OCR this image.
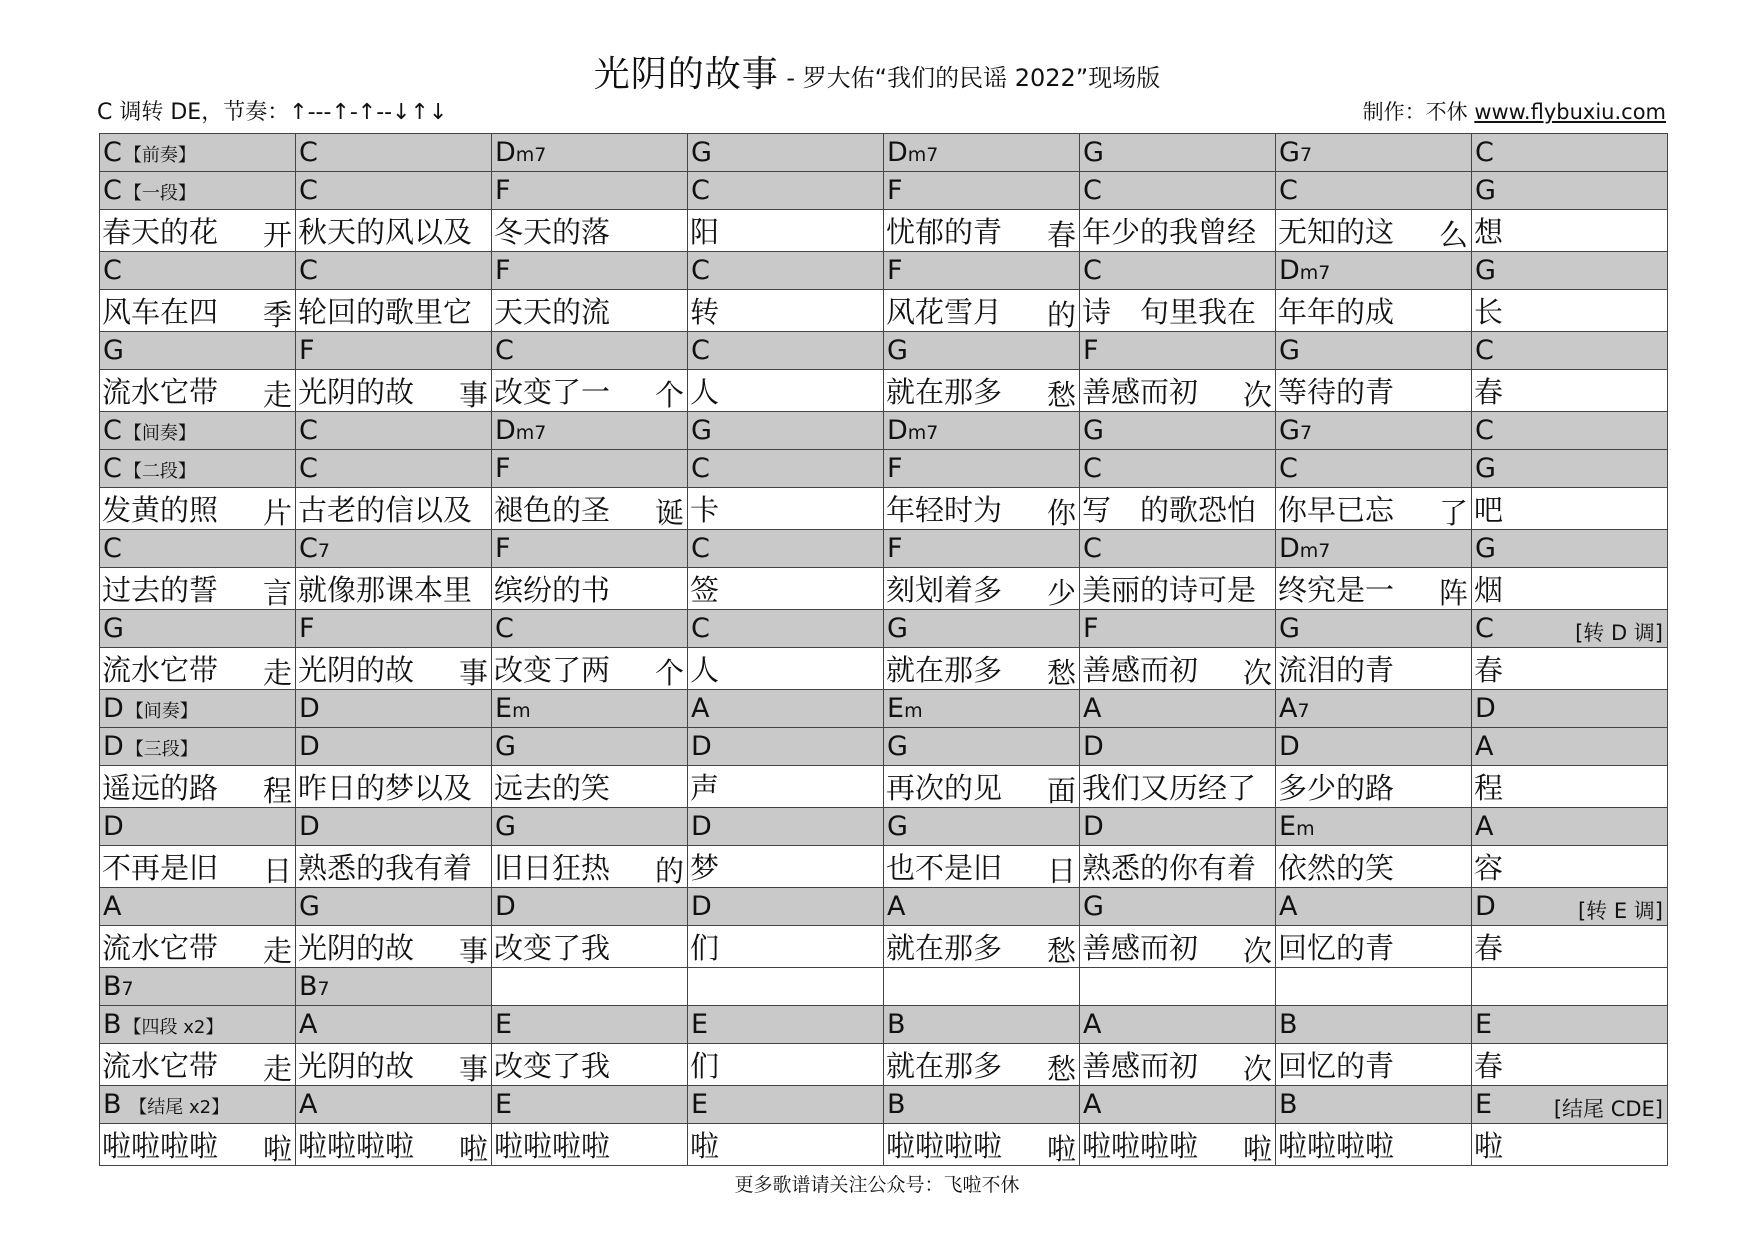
光阴的故事 - 罗大佑“我们的民谣 2022”现场版
C 调转 DE，节奏：↑---↑-↑--↓↑↓	制作：不休 www.flybuxiu.com
C 【前奏】	C	Dm7	G	Dm7	G	G7	C
C 【一段】	C	F	C	F	C	C	G
春天的花 开	秋天的风以及	冬天的落	阳	忧郁的青 春	年少的我曾经	无知的这 么	想
C	C	F	C	F	C	Dm7	G
风车在四 季	轮回的歌里它	天天的流	转	风花雪月 的	诗　句里我在	年年的成	长
G	F	C	C	G	F	G	C
流水它带 走	光阴的故 事	改变了一 个	人	就在那多 愁	善感而初 次	等待的青	春
C 【间奏】	C	Dm7	G	Dm7	G	G7	C
C 【二段】	C	F	C	F	C	C	G
发黄的照 片	古老的信以及	褪色的圣 诞	卡	年轻时为 你	写　的歌恐怕	你早已忘 了	吧
C	C7	F	C	F	C	Dm7	G
过去的誓 言	就像那课本里	缤纷的书	签	刻划着多 少	美丽的诗可是	终究是一 阵	烟
G	F	C	C	G	F	G	C [转 D 调]

流水它带 走	光阴的故 事	改变了两 个	人	就在那多 愁	善感而初 次	流泪的青	春
D 【间奏】	D	Em	A	Em	A	A7	D
D 【三段】	D	G	D	G	D	D	A
遥远的路 程	昨日的梦以及	远去的笑	声	再次的见 面	我们又历经了	多少的路	程
D	D	G	D	G	D	Em	A
不再是旧 日	熟悉的我有着	旧日狂热 的	梦	也不是旧 日	熟悉的你有着	依然的笑	容
A	G	D	D	A	G	A	D [转 E 调]

流水它带 走	光阴的故 事	改变了我	们	就在那多 愁	善感而初 次	回忆的青	春
B7	B7						
B 【四段 x2】	A	E	E	B	A	B	E
流水它带 走	光阴的故 事	改变了我	们	就在那多 愁	善感而初 次	回忆的青	春
B 【结尾 x2】	A	E	E	B	A	B	E [结尾 CDE]

啦啦啦啦 啦	啦啦啦啦 啦	啦啦啦啦	啦	啦啦啦啦 啦	啦啦啦啦 啦	啦啦啦啦	啦
更多歌谱请关注公众号：飞啦不休
